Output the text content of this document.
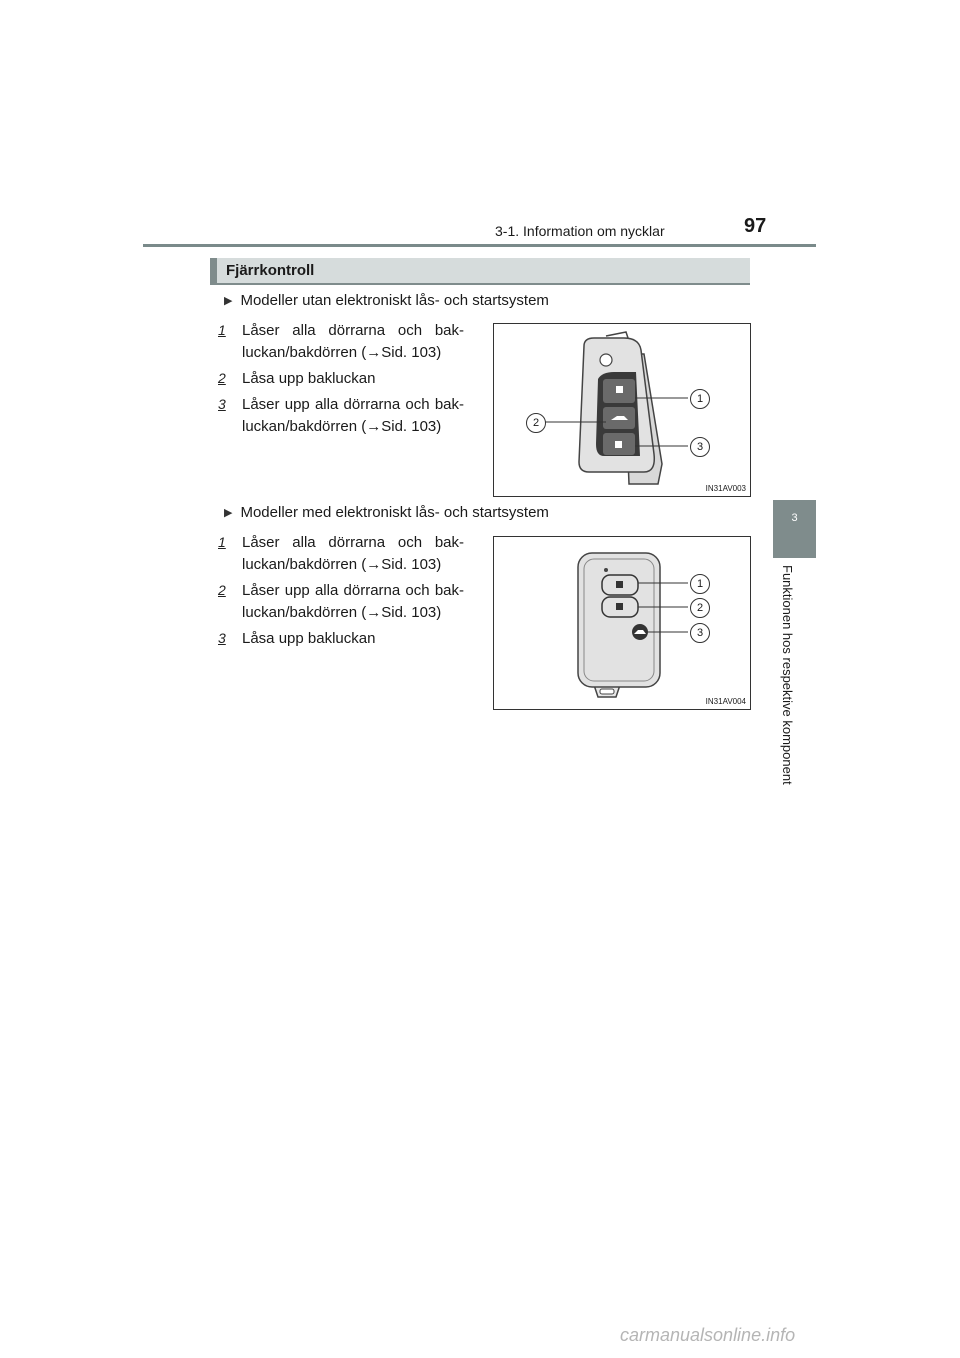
3-1. Information om nycklar	97
3
Funktionen hos respektive komponent
Fjärrkontroll
▶ Modeller utan elektroniskt lås- och startsystem
1 Låser alla dörrarna och bak-
luckan/bakdörren (→Sid. 103)
2 Låsa upp bakluckan
3 Låser upp alla dörrarna och bak-
luckan/bakdörren (→Sid. 103)
1
2
3
IN31AV003
▶ Modeller med elektroniskt lås- och startsystem
1 Låser alla dörrarna och bak-
luckan/bakdörren (→Sid. 103)
2 Låser upp alla dörrarna och bak-
luckan/bakdörren (→Sid. 103)
3 Låsa upp bakluckan
1
2
3
IN31AV004
carmanualsonline.info
